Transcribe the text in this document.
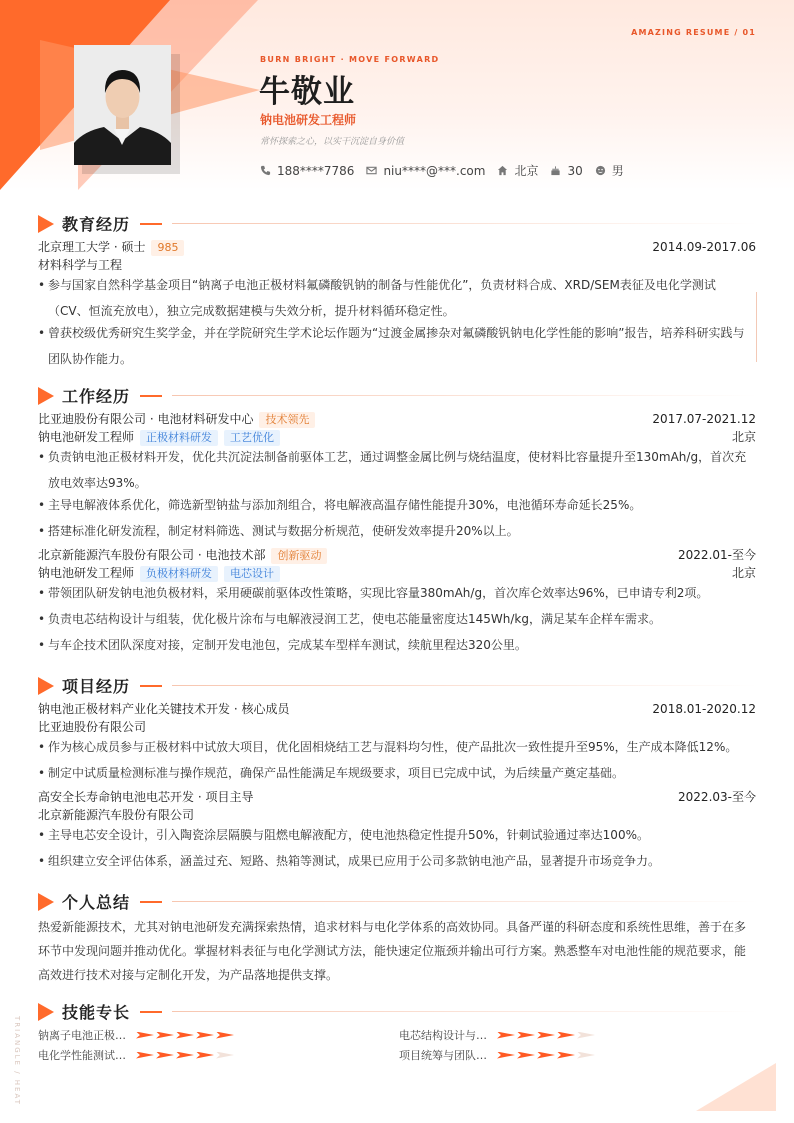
AMAZING RESUME / 01
BURN BRIGHT · MOVE FORWARD
牛敬业
钠电池研发工程师
常怀探索之心，以实干沉淀自身价值
188****7786 niu****@***.com 北京 30 男
教育经历
北京理工大学 · 硕士 985	2014.09-2017.06
材料科学与工程
• 参与国家自然科学基金项目“钠离子电池正极材料氟磷酸钒钠的制备与性能优化”，负责材料合成、XRD/SEM表征及电化学测试（CV、恒流充放电），独立完成数据建模与失效分析，提升材料循环稳定性。
• 曾获校级优秀研究生奖学金，并在学院研究生学术论坛作题为“过渡金属掺杂对氟磷酸钒钠电化学性能的影响”报告，培养科研实践与团队协作能力。
工作经历
比亚迪股份有限公司 · 电池材料研发中心 技术领先	2017.07-2021.12
钠电池研发工程师 正极材料研发 工艺优化	北京
• 负责钠电池正极材料开发，优化共沉淀法制备前驱体工艺，通过调整金属比例与烧结温度，使材料比容量提升至130mAh/g，首次充放电效率达93%。
• 主导电解液体系优化，筛选新型钠盐与添加剂组合，将电解液高温存储性能提升30%，电池循环寿命延长25%。
• 搭建标准化研发流程，制定材料筛选、测试与数据分析规范，使研发效率提升20%以上。
北京新能源汽车股份有限公司 · 电池技术部 创新驱动	2022.01-至今
钠电池研发工程师 负极材料研发 电芯设计	北京
• 带领团队研发钠电池负极材料，采用硬碳前驱体改性策略，实现比容量380mAh/g，首次库仑效率达96%，已申请专利2项。
• 负责电芯结构设计与组装，优化极片涂布与电解液浸润工艺，使电芯能量密度达145Wh/kg，满足某车企样车需求。
• 与车企技术团队深度对接，定制开发电池包，完成某车型样车测试，续航里程达320公里。
项目经历
钠电池正极材料产业化关键技术开发 · 核心成员	2018.01-2020.12
比亚迪股份有限公司
• 作为核心成员参与正极材料中试放大项目，优化固相烧结工艺与混料均匀性，使产品批次一致性提升至95%，生产成本降低12%。
• 制定中试质量检测标准与操作规范，确保产品性能满足车规级要求，项目已完成中试，为后续量产奠定基础。
高安全长寿命钠电池电芯开发 · 项目主导	2022.03-至今
北京新能源汽车股份有限公司
• 主导电芯安全设计，引入陶瓷涂层隔膜与阻燃电解液配方，使电池热稳定性提升50%，针刺试验通过率达100%。
• 组织建立安全评估体系，涵盖过充、短路、热箱等测试，成果已应用于公司多款钠电池产品，显著提升市场竞争力。
个人总结
热爱新能源技术，尤其对钠电池研发充满探索热情，追求材料与电化学体系的高效协同。具备严谨的科研态度和系统性思维，善于在多环节中发现问题并推动优化。掌握材料表征与电化学测试方法，能快速定位瓶颈并输出可行方案。熟悉整车对电池性能的规范要求，能高效进行技术对接与定制化开发，为产品落地提供支撑。
技能专长
钠离子电池正极…	电芯结构设计与…
电化学性能测试…	项目统筹与团队…
TRIANGLE / HEAT
